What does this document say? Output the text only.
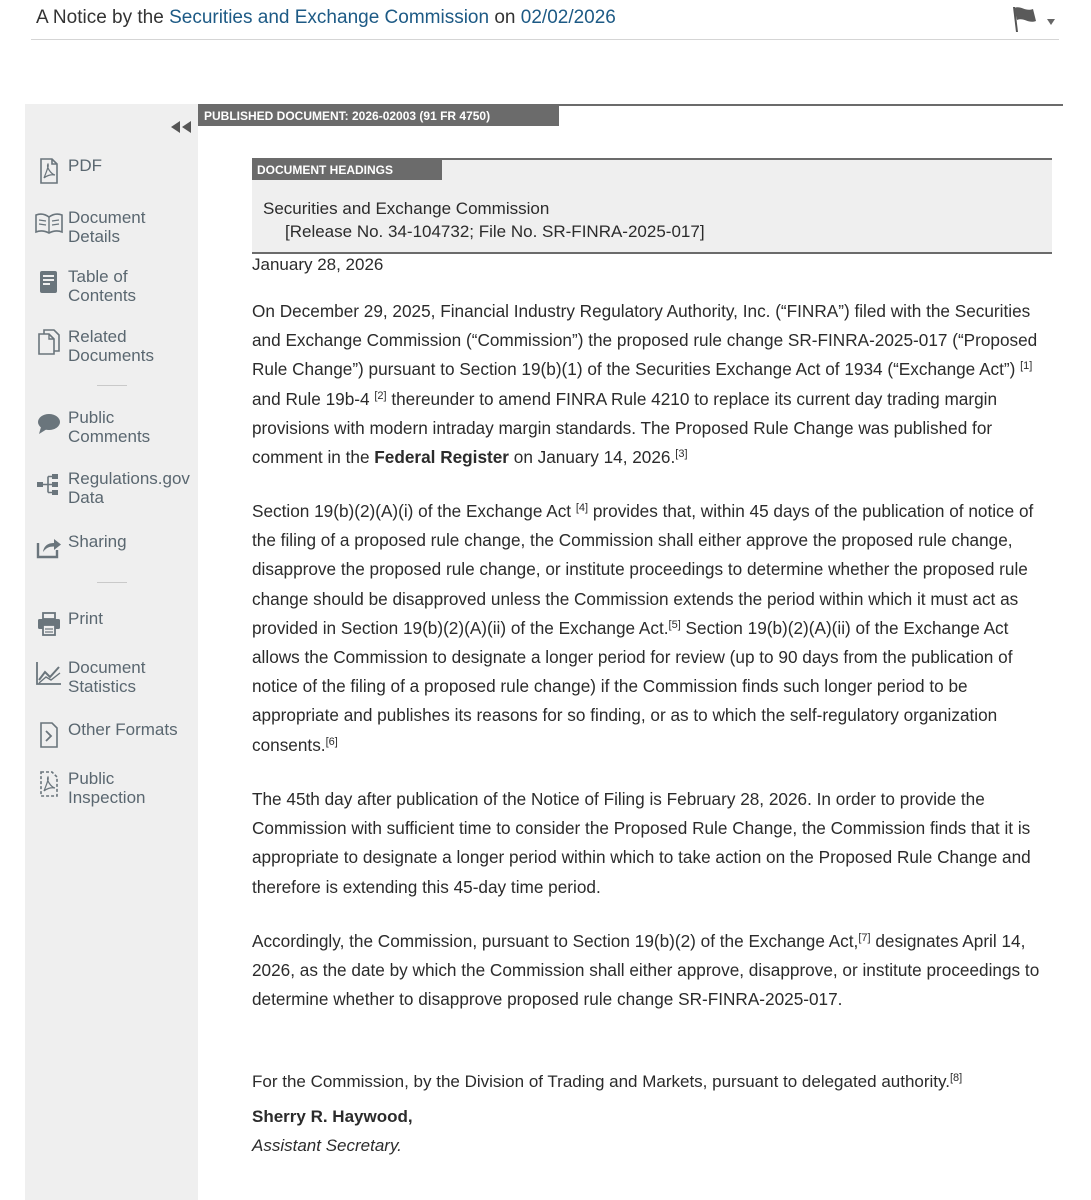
A Notice by the Securities and Exchange Commission on 02/02/2026
PDF
Document
Details
Table of
Contents
Related
Documents
Public
Comments
Regulations.gov
Data
Sharing
Print
Document
Statistics
Other Formats
Public
Inspection
PUBLISHED DOCUMENT: 2026-02003 (91 FR 4750)
DOCUMENT HEADINGS
Securities and Exchange Commission
[Release No. 34-104732; File No. SR-FINRA-2025-017]
January 28, 2026

On December 29, 2025, Financial Industry Regulatory Authority, Inc. (“FINRA”) filed with the Securities and Exchange Commission (“Commission”) the proposed rule change SR-FINRA-2025-017 (“Proposed Rule Change”) pursuant to Section 19(b)(1) of the Securities Exchange Act of 1934 (“Exchange Act”) [1] and Rule 19b-4 [2] thereunder to amend FINRA Rule 4210 to replace its current day trading margin provisions with modern intraday margin standards. The Proposed Rule Change was published for comment in the Federal Register on January 14, 2026.[3]

Section 19(b)(2)(A)(i) of the Exchange Act [4] provides that, within 45 days of the publication of notice of the filing of a proposed rule change, the Commission shall either approve the proposed rule change, disapprove the proposed rule change, or institute proceedings to determine whether the proposed rule change should be disapproved unless the Commission extends the period within which it must act as provided in Section 19(b)(2)(A)(ii) of the Exchange Act.[5] Section 19(b)(2)(A)(ii) of the Exchange Act allows the Commission to designate a longer period for review (up to 90 days from the publication of notice of the filing of a proposed rule change) if the Commission finds such longer period to be appropriate and publishes its reasons for so finding, or as to which the self-regulatory organization consents.[6]

The 45th day after publication of the Notice of Filing is February 28, 2026. In order to provide the Commission with sufficient time to consider the Proposed Rule Change, the Commission finds that it is appropriate to designate a longer period within which to take action on the Proposed Rule Change and therefore is extending this 45-day time period.

Accordingly, the Commission, pursuant to Section 19(b)(2) of the Exchange Act,[7] designates April 14, 2026, as the date by which the Commission shall either approve, disapprove, or institute proceedings to determine whether to disapprove proposed rule change SR-FINRA-2025-017.

For the Commission, by the Division of Trading and Markets, pursuant to delegated authority.[8]
Sherry R. Haywood,
Assistant Secretary.
